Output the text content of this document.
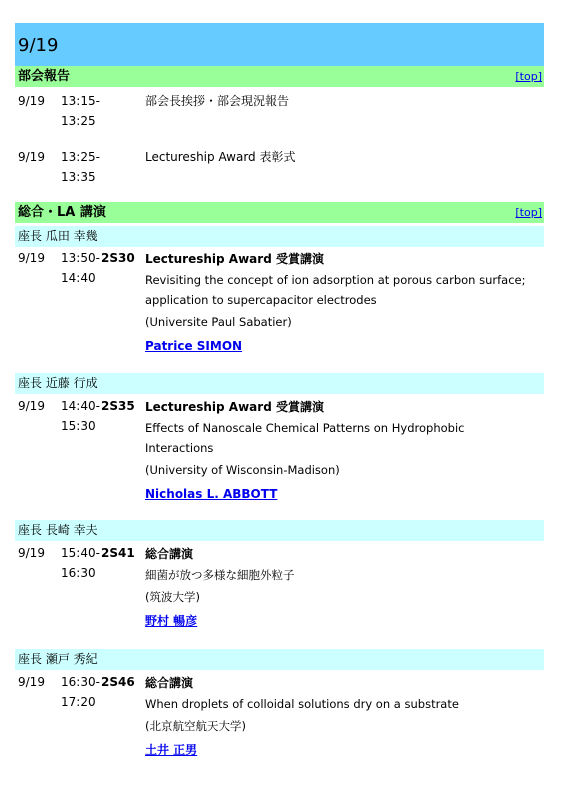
9/19
部会報告	[top]
9/19 13:15-
13:25
部会長挨拶・部会現況報告
9/19 13:25-
13:35
Lectureship Award 表彰式
総合・LA 講演	[top]
座長 瓜田 幸幾
9/19 13:50-
14:40
2S30 Lectureship Award 受賞講演
Revisiting the concept of ion adsorption at porous carbon surface;
application to supercapacitor electrodes
(Universite Paul Sabatier)
Patrice SIMON
座長 近藤 行成
9/19 14:40-
15:30
2S35 Lectureship Award 受賞講演
Effects of Nanoscale Chemical Patterns on Hydrophobic
Interactions
(University of Wisconsin-Madison)
Nicholas L. ABBOTT
座長 長崎 幸夫
9/19 15:40-
16:30
2S41 総合講演
細菌が放つ多様な細胞外粒子
(筑波大学)
野村 暢彦
座長 瀬戸 秀紀
9/19 16:30-
17:20
2S46 総合講演
When droplets of colloidal solutions dry on a substrate
(北京航空航天大学)
土井 正男
